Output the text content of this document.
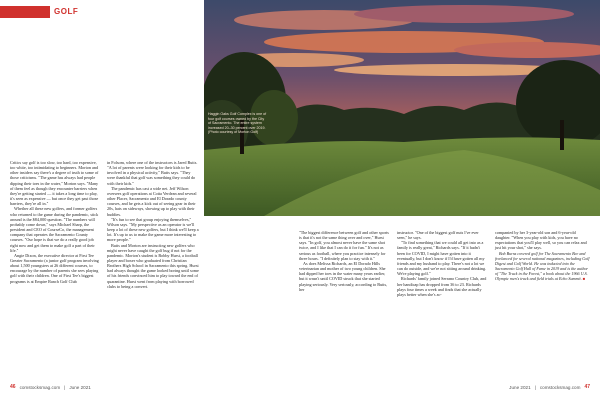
GOLF
Haggin Oaks Golf Complex is one of four golf courses owned by the City of Sacramento. The entire system increased 20–30 percent over 2019. (Photo courtesy of Morton Golf)

Critics say golf is too slow, too hard, too expensive, too white, too intimidating to beginners. Morton and other insiders say there's a degree of truth to some of those criticisms. "The game has always had people dipping their toes in the water," Morton says. "Many of them feel as though they encounter barriers when they're getting started — it takes a long time to play, it's seen as expensive — but once they get past those barriers, they're all in."

Whether all these new golfers, and former golfers who returned to the game during the pandemic, stick around is the $84,000 question. "The numbers will probably come down," says Michael Sharp, the president and CEO of CourseCo, the management company that operates the Sacramento County courses. "Our hope is that we do a really good job right now and get them to make golf a part of their life."

Angie Dixon, the executive director at First Tee Greater Sacramento (a junior golf program involving about 1,500 youngsters at 26 different courses, to encourage by the number of parents she sees playing golf with their children. One of First Tee's biggest programs is at Empire Ranch Golf Club

in Folsom, where one of the instructors is Jared Butts. "A lot of parents were looking for their kids to be involved in a physical activity," Butts says. "They were thankful that golf was something they could do with their kids."

The pandemic has cast a wide net. Jeff Wilson oversees golf operations at Cotta Verdean and several other Placer, Sacramento and El Dorado county courses, and he gets a kick out of seeing gear in their 20s, hats on sideways, showing up to play with their buddies.

"It's fun to see that group enjoying themselves," Wilson says. "My perspective as an operator is we'll keep a lot of these new golfers, but I think we'll keep a lot. It's up to us to make the game more interesting to more people."

Butts and Morton are instructing new golfers who might never have caught the golf bug if not for the pandemic. Morton's student is Bobby Hurst, a football player and boxer who graduated from Christian Brothers High School in Sacramento this spring. Hurst had always thought the game looked boring until some of his friends convinced him to play toward the end of quarantine. Hurst went from playing with borrowed clubs to being a convert.

"The biggest difference between golf and other sports is that it's not the same thing over and over," Hurst says. "In golf, you almost never have the same shot twice, and I like that I can do it for fun." It's not as serious as football, where you practice intensely for three hours. "I definitely plan to stay with it."

As does Melissa Richards, an El Dorado Hills veterinarian and mother of two young children. She had dipped her toes in the water many years earlier, but it wasn't until COVID struck that she started playing seriously. Very seriously, according to Butts, her

instructor. "One of the biggest golf nuts I've ever seen," he says.

"To find something that we could all get into as a family is really great," Richards says. "If it hadn't been for COVID, I might have gotten into it eventually, but I don't know if I'd have gotten all my friends and my husband to play. There's not a lot we can do outside, and we're not sitting around drinking. We're playing golf."

Richards' family joined Serrano Country Club, and her handicap has dropped from 36 to 23. Richards plays four times a week and finds that she actually plays better when she's ac-

companied by her 3-year-old son and 6-year-old daughter. "When you play with kids, you have no expectations that you'll play well, so you can relax and just hit your shot," she says.

Bob Burns covered golf for The Sacramento Bee and freelanced for several national magazines, including Golf Digest and Golf World. He was inducted into the Sacramento Golf Hall of Fame in 2019 and is the author of "The Truck in the Forest," a book about the 1966 U.S. Olympic men's track and field trials at Echo Summit. ■

46 comstocksmag.com | June 2021	June 2021 | comstocksmag.com 47
